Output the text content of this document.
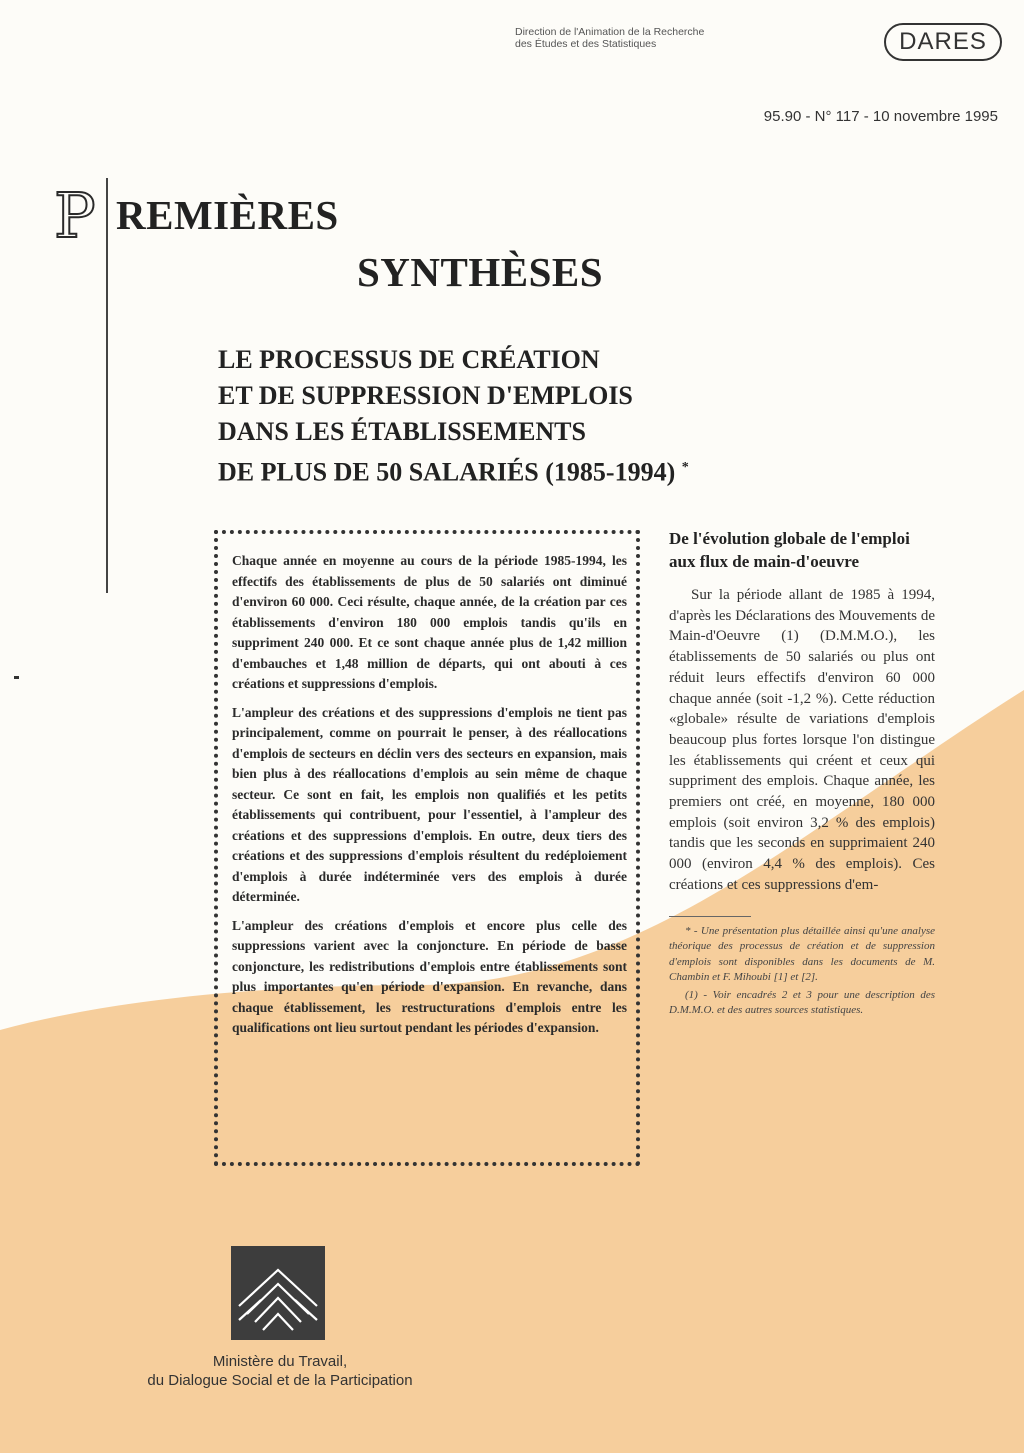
Direction de l'Animation de la Recherche
des Études et des Statistiques	DARES
95.90 - N° 117 - 10 novembre 1995
P REMIÈRES
SYNTHÈSES
LE PROCESSUS DE CRÉATION
ET DE SUPPRESSION D'EMPLOIS
DANS LES ÉTABLISSEMENTS
DE PLUS DE 50 SALARIÉS (1985-1994) *

Chaque année en moyenne au cours de la période 1985-1994, les effectifs des établissements de plus de 50 salariés ont diminué d'environ 60 000. Ceci résulte, chaque année, de la création par ces établissements d'environ 180 000 emplois tandis qu'ils en suppriment 240 000. Et ce sont chaque année plus de 1,42 million d'embauches et 1,48 million de départs, qui ont abouti à ces créations et suppressions d'emplois.

L'ampleur des créations et des suppressions d'emplois ne tient pas principalement, comme on pourrait le penser, à des réallocations d'emplois de secteurs en déclin vers des secteurs en expansion, mais bien plus à des réallocations d'emplois au sein même de chaque secteur. Ce sont en fait, les emplois non qualifiés et les petits établissements qui contribuent, pour l'essentiel, à l'ampleur des créations et des suppressions d'emplois. En outre, deux tiers des créations et des suppressions d'emplois résultent du redéploiement d'emplois à durée indéterminée vers des emplois à durée déterminée.

L'ampleur des créations d'emplois et encore plus celle des suppressions varient avec la conjoncture. En période de basse conjoncture, les redistributions d'emplois entre établissements sont plus importantes qu'en période d'expansion. En revanche, dans chaque établissement, les restructurations d'emplois entre les qualifications ont lieu surtout pendant les périodes d'expansion.

De l'évolution globale de l'emploi aux flux de main-d'oeuvre

Sur la période allant de 1985 à 1994, d'après les Déclarations des Mouvements de Main-d'Oeuvre (1) (D.M.M.O.), les établissements de 50 salariés ou plus ont réduit leurs effectifs d'environ 60 000 chaque année (soit -1,2 %). Cette réduction «globale» résulte de variations d'emplois beaucoup plus fortes lorsque l'on distingue les établissements qui créent et ceux qui suppriment des emplois. Chaque année, les premiers ont créé, en moyenne, 180 000 emplois (soit environ 3,2 % des emplois) tandis que les seconds en supprimaient 240 000 (environ 4,4 % des emplois). Ces créations et ces suppressions d'em-

* - Une présentation plus détaillée ainsi qu'une analyse théorique des processus de création et de suppression d'emplois sont disponibles dans les documents de M. Chambin et F. Mihoubi [1] et [2].

(1) - Voir encadrés 2 et 3 pour une description des D.M.M.O. et des autres sources statistiques.

Ministère du Travail,
du Dialogue Social et de la Participation
